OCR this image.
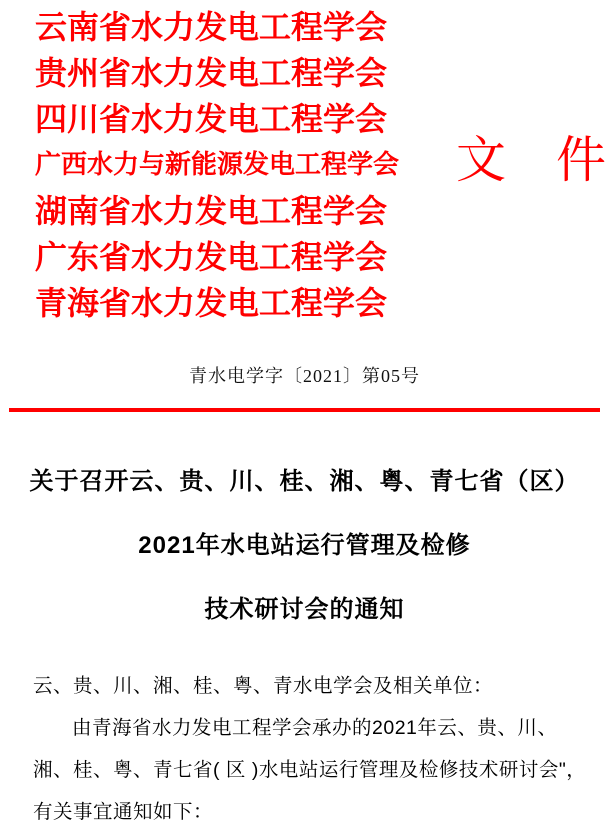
云南省水力发电工程学会
贵州省水力发电工程学会
四川省水力发电工程学会
广西水力与新能源发电工程学会
湖南省水力发电工程学会
广东省水力发电工程学会
青海省水力发电工程学会
文　件
青水电学字〔2021〕第05号
关于召开云、贵、川、桂、湘、粤、青七省（区）
2021年水电站运行管理及检修
技术研讨会的通知
云、贵、川、湘、桂、粤、青水电学会及相关单位：
由青海省水力发电工程学会承办的2021年云、贵、川、
湘、桂、粤、青七省( 区 )水电站运行管理及检修技术研讨会"，
有关事宜通知如下：
